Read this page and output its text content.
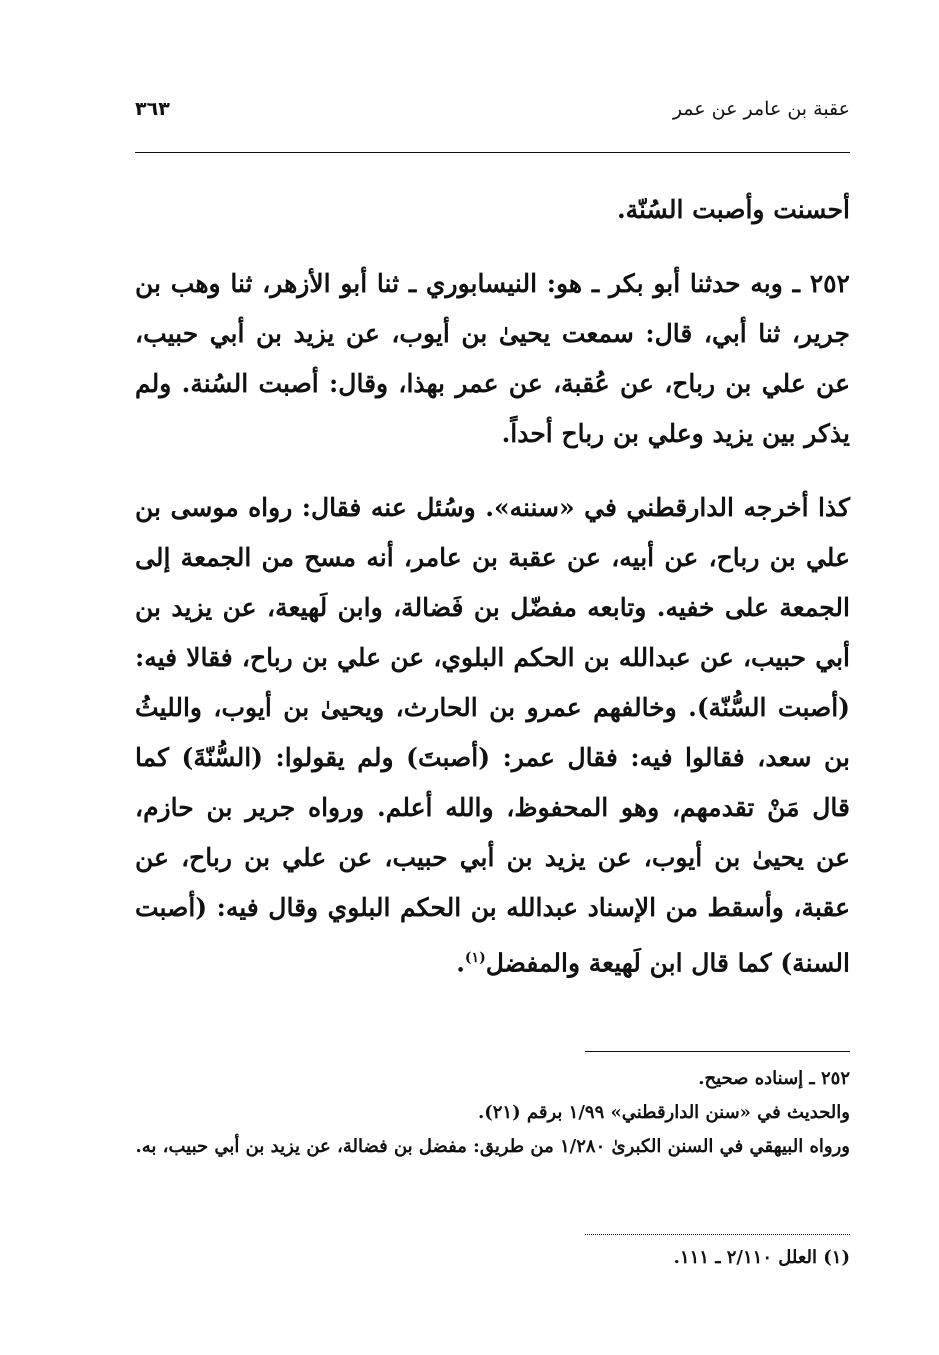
٣٦٣	عقبة بن عامر عن عمر

أحسنت وأصبت السُنّة.

٢٥٢ ـ وبه حدثنا أبو بكر ـ هو: النيسابوري ـ ثنا أبو الأزهر، ثنا وهب بن جرير، ثنا أبي، قال: سمعت يحيىٰ بن أيوب، عن يزيد بن أبي حبيب، عن علي بن رباح، عن عُقبة، عن عمر بهذا، وقال: أصبت السُنة. ولم يذكر بين يزيد وعلي بن رباح أحداً.

كذا أخرجه الدارقطني في «سننه». وسُئل عنه فقال: رواه موسى بن علي بن رباح، عن أبيه، عن عقبة بن عامر، أنه مسح من الجمعة إلى الجمعة على خفيه. وتابعه مفضّل بن فَضالة، وابن لَهيعة، عن يزيد بن أبي حبيب، عن عبدالله بن الحكم البلوي، عن علي بن رباح، فقالا فيه: (أصبت السُّنّة). وخالفهم عمرو بن الحارث، ويحيىٰ بن أيوب، والليثُ بن سعد، فقالوا فيه: فقال عمر: (أصبتَ) ولم يقولوا: (السُّنّةَ) كما قال مَنْ تقدمهم، وهو المحفوظ، والله أعلم. ورواه جرير بن حازم، عن يحيىٰ بن أيوب، عن يزيد بن أبي حبيب، عن علي بن رباح، عن عقبة، وأسقط من الإسناد عبدالله بن الحكم البلوي وقال فيه: (أصبت السنة) كما قال ابن لَهيعة والمفضل$^{(١)}$.

٢٥٢ ـ إسناده صحيح.

والحديث في «سنن الدارقطني» ١/٩٩ برقم (٢١).

ورواه البيهقي في السنن الكبرىٰ ١/٢٨٠ من طريق: مفضل بن فضالة، عن يزيد بن أبي حبيب، به.

(١) العلل ٢/١١٠ ـ ١١١.
